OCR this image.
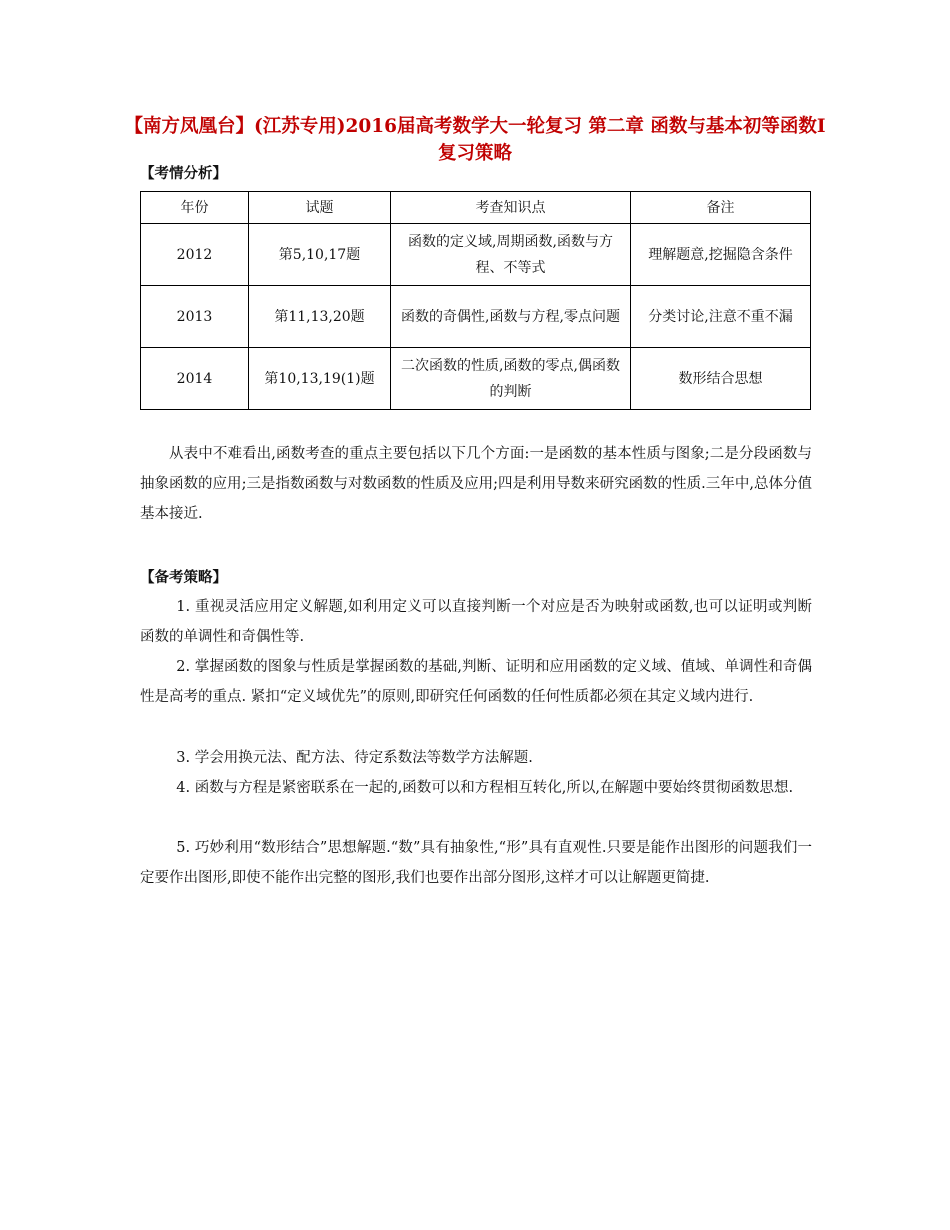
【南方凤凰台】(江苏专用)2016届高考数学大一轮复习 第二章 函数与基本初等函数Ⅰ复习策略
【考情分析】
年份	试题	考查知识点	备注
2012	第5,10,17题	函数的定义域,周期函数,函数与方程、不等式	理解题意,挖掘隐含条件
2013	第11,13,20题	函数的奇偶性,函数与方程,零点问题	分类讨论,注意不重不漏
2014	第10,13,19(1)题	二次函数的性质,函数的零点,偶函数的判断	数形结合思想

从表中不难看出,函数考查的重点主要包括以下几个方面:一是函数的基本性质与图象;二是分段函数与抽象函数的应用;三是指数函数与对数函数的性质及应用;四是利用导数来研究函数的性质.三年中,总体分值基本接近.

【备考策略】

1. 重视灵活应用定义解题,如利用定义可以直接判断一个对应是否为映射或函数,也可以证明或判断函数的单调性和奇偶性等.

2. 掌握函数的图象与性质是掌握函数的基础,判断、证明和应用函数的定义域、值域、单调性和奇偶性是高考的重点. 紧扣“定义域优先”的原则,即研究任何函数的任何性质都必须在其定义域内进行.

3. 学会用换元法、配方法、待定系数法等数学方法解题.

4. 函数与方程是紧密联系在一起的,函数可以和方程相互转化,所以,在解题中要始终贯彻函数思想.

5. 巧妙利用“数形结合”思想解题.“数”具有抽象性,“形”具有直观性.只要是能作出图形的问题我们一定要作出图形,即使不能作出完整的图形,我们也要作出部分图形,这样才可以让解题更简捷.
